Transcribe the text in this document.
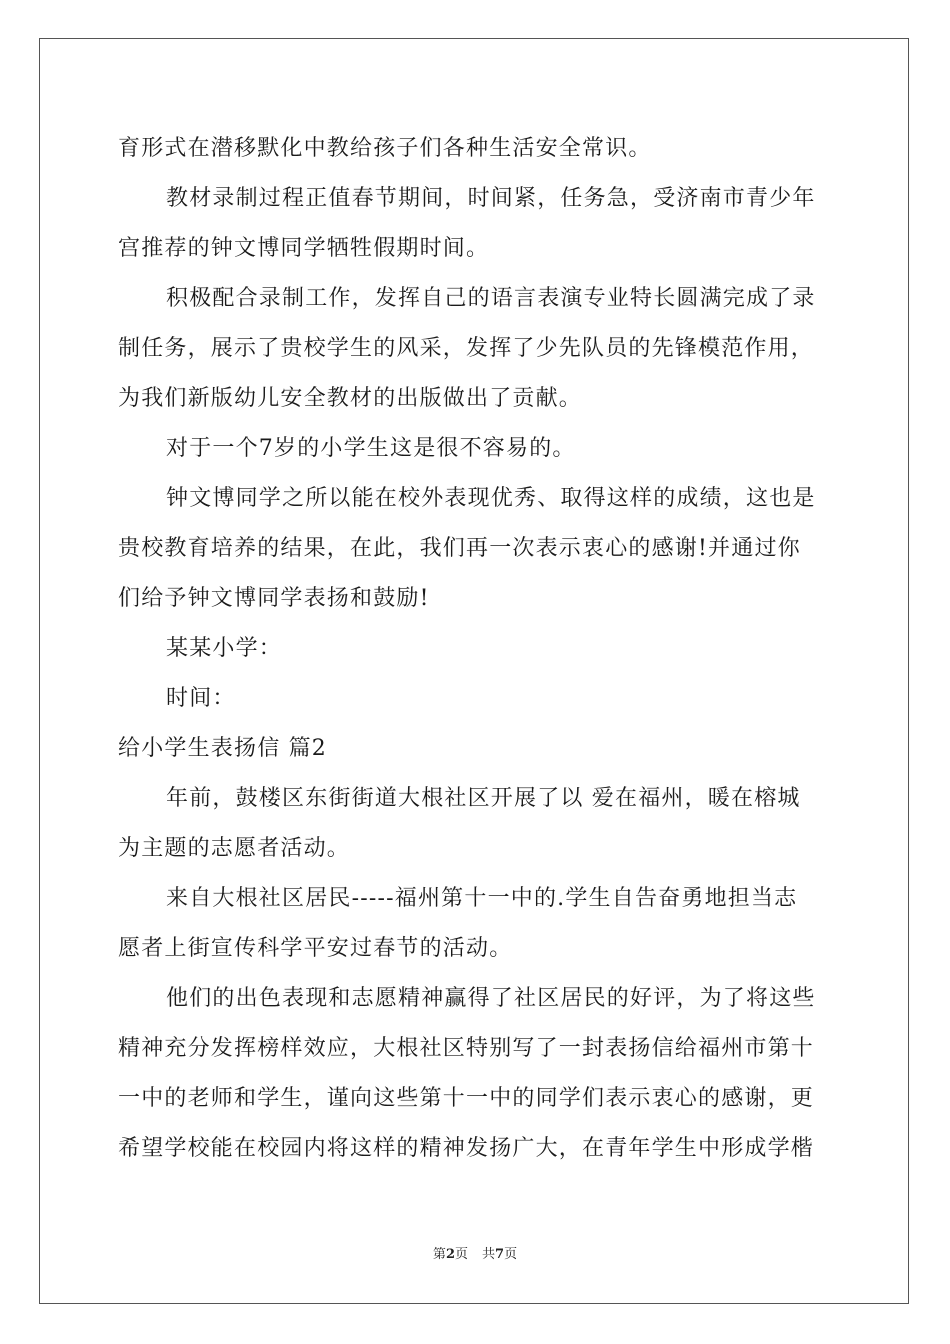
育形式在潜移默化中教给孩子们各种生活安全常识。
教材录制过程正值春节期间，时间紧，任务急，受济南市青少年
宫推荐的钟文博同学牺牲假期时间。
积极配合录制工作，发挥自己的语言表演专业特长圆满完成了录
制任务，展示了贵校学生的风采，发挥了少先队员的先锋模范作用，
为我们新版幼儿安全教材的出版做出了贡献。
对于一个7岁的小学生这是很不容易的。
钟文博同学之所以能在校外表现优秀、取得这样的成绩，这也是
贵校教育培养的结果，在此，我们再一次表示衷心的感谢!并通过你
们给予钟文博同学表扬和鼓励!
某某小学：
时间：
给小学生表扬信 篇2
年前，鼓楼区东街街道大根社区开展了以 爱在福州，暖在榕城
为主题的志愿者活动。
来自大根社区居民-----福州第十一中的.学生自告奋勇地担当志
愿者上街宣传科学平安过春节的活动。
他们的出色表现和志愿精神赢得了社区居民的好评，为了将这些
精神充分发挥榜样效应，大根社区特别写了一封表扬信给福州市第十
一中的老师和学生，谨向这些第十一中的同学们表示衷心的感谢，更
希望学校能在校园内将这样的精神发扬广大，在青年学生中形成学楷
第2页 共7页
